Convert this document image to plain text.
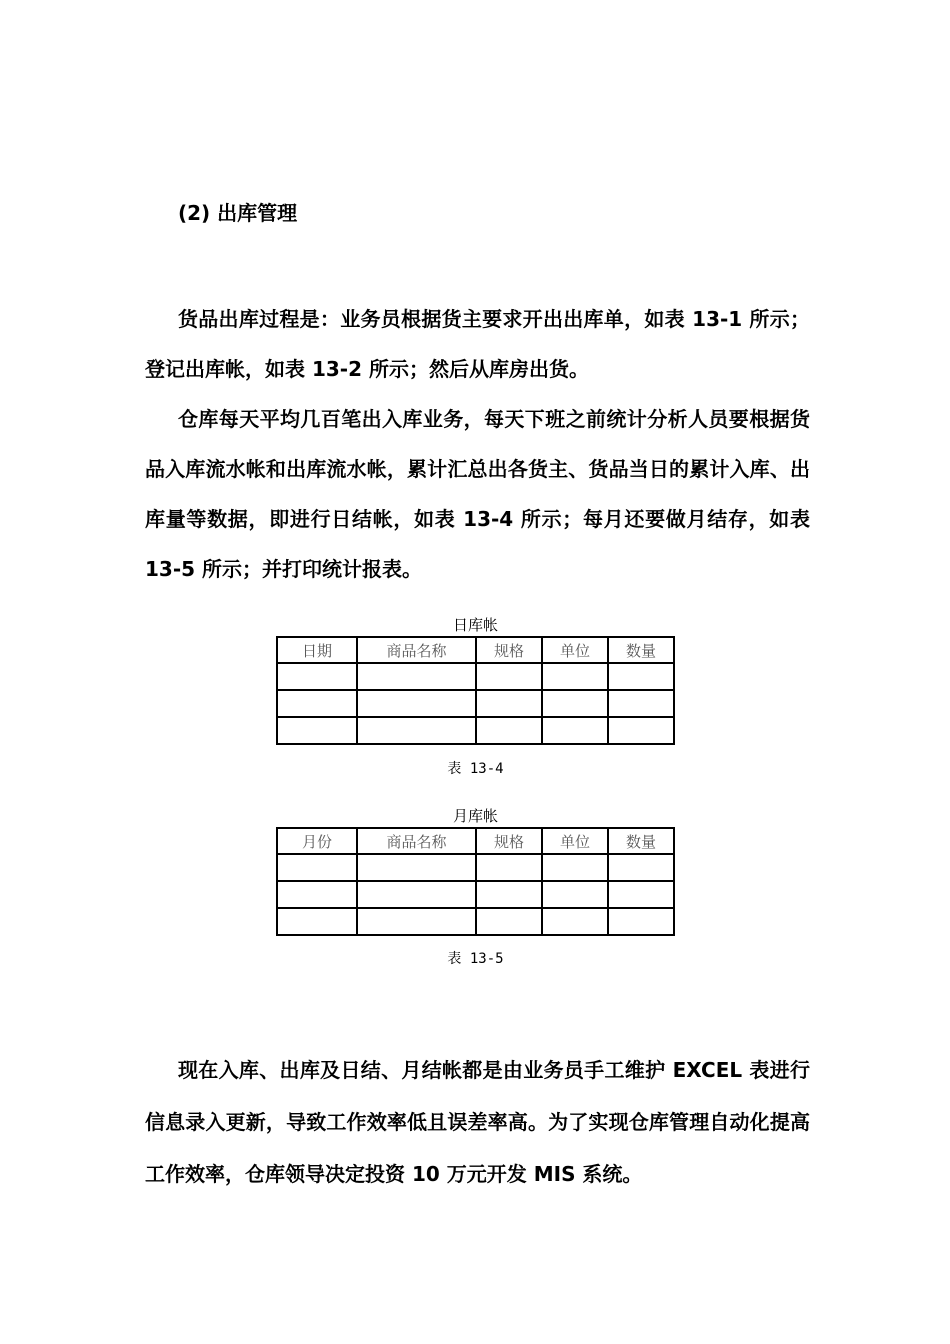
(2) 出库管理

货品出库过程是：业务员根据货主要求开出出库单，如表 13-1 所示；登记出库帐，如表 13-2 所示；然后从库房出货。

仓库每天平均几百笔出入库业务，每天下班之前统计分析人员要根据货品入库流水帐和出库流水帐，累计汇总出各货主、货品当日的累计入库、出库量等数据，即进行日结帐，如表 13-4 所示；每月还要做月结存，如表 13-5 所示；并打印统计报表。

日库帐
日期	商品名称	规格	单位	数量

表 13-4
月库帐
月份	商品名称	规格	单位	数量

表 13-5

现在入库、出库及日结、月结帐都是由业务员手工维护 EXCEL 表进行信息录入更新，导致工作效率低且误差率高。为了实现仓库管理自动化提高工作效率，仓库领导决定投资 10 万元开发 MIS 系统。
